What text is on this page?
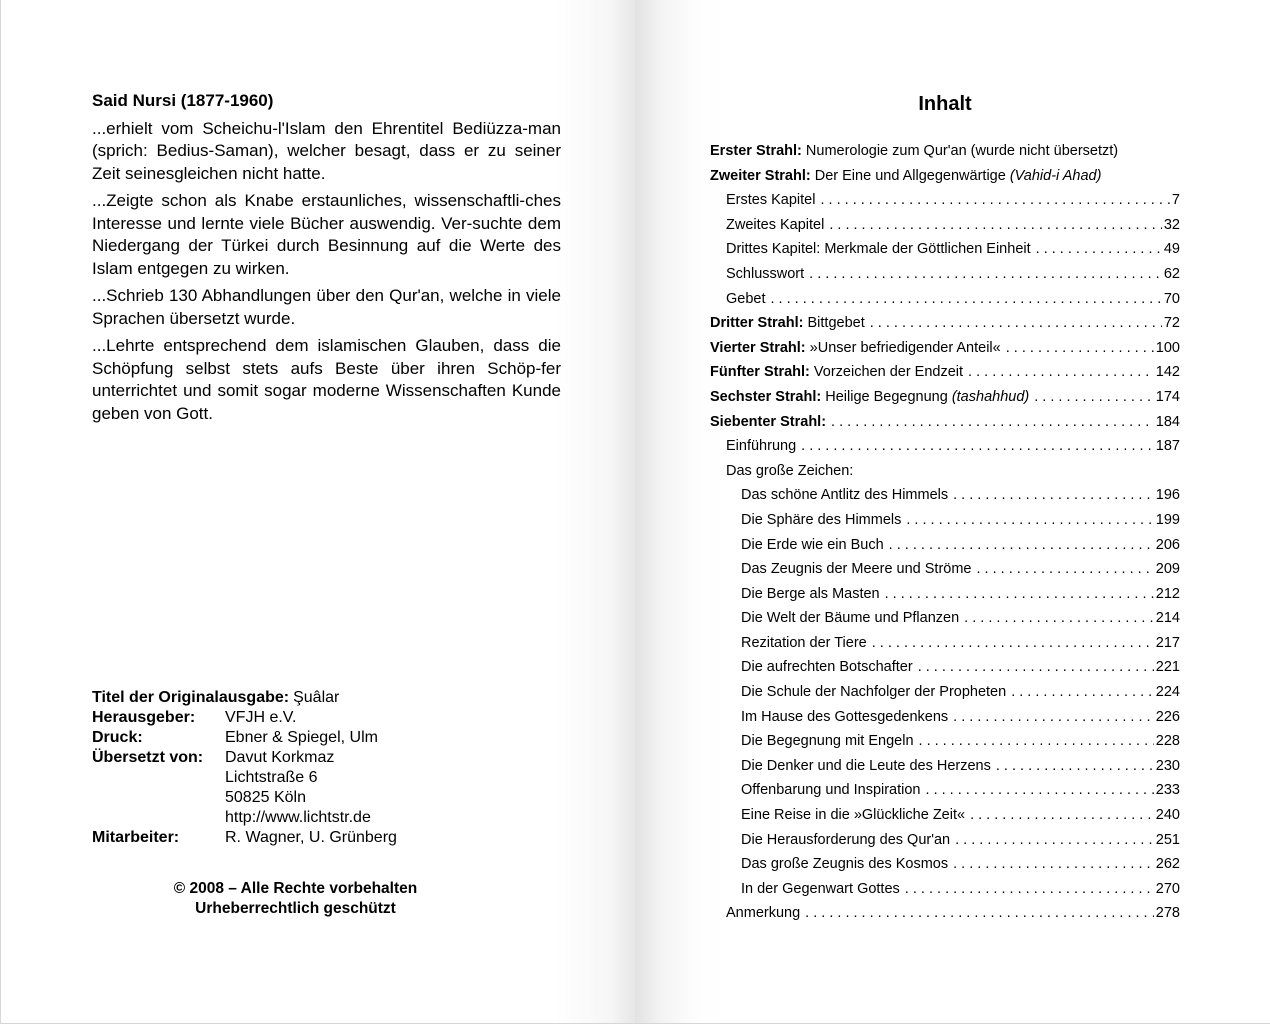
Said Nursi (1877-1960)

...erhielt vom Scheichu-l'Islam den Ehrentitel Bediüzza-man (sprich: Bedius-Saman), welcher besagt, dass er zu seiner Zeit seinesgleichen nicht hatte.

...Zeigte schon als Knabe erstaunliches, wissenschaftli-ches Interesse und lernte viele Bücher auswendig. Ver-suchte dem Niedergang der Türkei durch Besinnung auf die Werte des Islam entgegen zu wirken.

...Schrieb 130 Abhandlungen über den Qur'an, welche in viele Sprachen übersetzt wurde.

...Lehrte entsprechend dem islamischen Glauben, dass die Schöpfung selbst stets aufs Beste über ihren Schöp-fer unterrichtet und somit sogar moderne Wissenschaften Kunde geben von Gott.

Titel der Originalausgabe: Şuâlar
Herausgeber:	VFJH e.V.
Druck:	Ebner & Spiegel, Ulm
Übersetzt von:	Davut Korkmaz
Lichtstraße 6
50825 Köln
http://www.lichtstr.de
Mitarbeiter:	R. Wagner, U. Grünberg
© 2008 – Alle Rechte vorbehalten
Urheberrechtlich geschützt
Inhalt
Erster Strahl: Numerologie zum Qur'an (wurde nicht übersetzt)
Zweiter Strahl: Der Eine und Allgegenwärtige (Vahid-i Ahad)
Erstes Kapitel . . .	7
Zweites Kapitel . . .	32
Drittes Kapitel: Merkmale der Göttlichen Einheit . . .	49
Schlusswort . . .	62
Gebet . . .	70
Dritter Strahl: Bittgebet . . .	72
Vierter Strahl: »Unser befriedigender Anteil« . . .	100
Fünfter Strahl: Vorzeichen der Endzeit . . .	142
Sechster Strahl: Heilige Begegnung (tashahhud) . . .	174
Siebenter Strahl: . . .	184
Einführung . . .	187
Das große Zeichen:
Das schöne Antlitz des Himmels . . .	196
Die Sphäre des Himmels . . .	199
Die Erde wie ein Buch . . .	206
Das Zeugnis der Meere und Ströme . . .	209
Die Berge als Masten . . .	212
Die Welt der Bäume und Pflanzen . . .	214
Rezitation der Tiere . . .	217
Die aufrechten Botschafter . . .	221
Die Schule der Nachfolger der Propheten . . .	224
Im Hause des Gottesgedenkens . . .	226
Die Begegnung mit Engeln . . .	228
Die Denker und die Leute des Herzens . . .	230
Offenbarung und Inspiration . . .	233
Eine Reise in die »Glückliche Zeit« . . .	240
Die Herausforderung des Qur'an . . .	251
Das große Zeugnis des Kosmos . . .	262
In der Gegenwart Gottes . . .	270
Anmerkung . . .	278
